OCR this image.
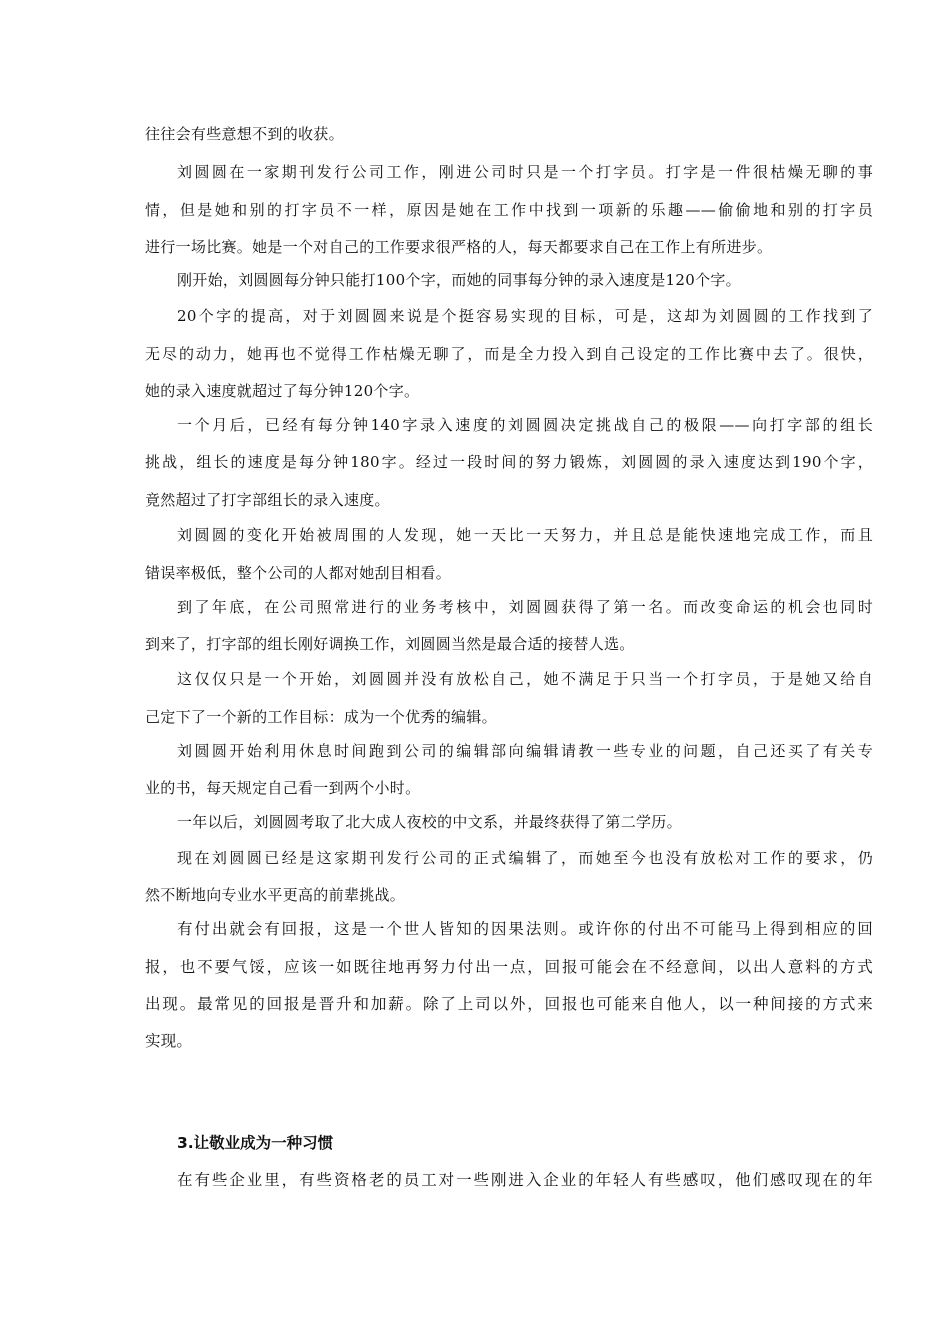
往往会有些意想不到的收获。
刘圆圆在一家期刊发行公司工作，刚进公司时只是一个打字员。打字是一件很枯燥无聊的事
情，但是她和别的打字员不一样，原因是她在工作中找到一项新的乐趣——偷偷地和别的打字员
进行一场比赛。她是一个对自己的工作要求很严格的人，每天都要求自己在工作上有所进步。
刚开始，刘圆圆每分钟只能打100个字，而她的同事每分钟的录入速度是120个字。
20个字的提高，对于刘圆圆来说是个挺容易实现的目标，可是，这却为刘圆圆的工作找到了
无尽的动力，她再也不觉得工作枯燥无聊了，而是全力投入到自己设定的工作比赛中去了。很快，
她的录入速度就超过了每分钟120个字。
一个月后，已经有每分钟140字录入速度的刘圆圆决定挑战自己的极限——向打字部的组长
挑战，组长的速度是每分钟180字。经过一段时间的努力锻炼，刘圆圆的录入速度达到190个字，
竟然超过了打字部组长的录入速度。
刘圆圆的变化开始被周围的人发现，她一天比一天努力，并且总是能快速地完成工作，而且
错误率极低，整个公司的人都对她刮目相看。
到了年底，在公司照常进行的业务考核中，刘圆圆获得了第一名。而改变命运的机会也同时
到来了，打字部的组长刚好调换工作，刘圆圆当然是最合适的接替人选。
这仅仅只是一个开始，刘圆圆并没有放松自己，她不满足于只当一个打字员，于是她又给自
己定下了一个新的工作目标：成为一个优秀的编辑。
刘圆圆开始利用休息时间跑到公司的编辑部向编辑请教一些专业的问题，自己还买了有关专
业的书，每天规定自己看一到两个小时。
一年以后，刘圆圆考取了北大成人夜校的中文系，并最终获得了第二学历。
现在刘圆圆已经是这家期刊发行公司的正式编辑了，而她至今也没有放松对工作的要求，仍
然不断地向专业水平更高的前辈挑战。
有付出就会有回报，这是一个世人皆知的因果法则。或许你的付出不可能马上得到相应的回
报，也不要气馁，应该一如既往地再努力付出一点，回报可能会在不经意间，以出人意料的方式
出现。最常见的回报是晋升和加薪。除了上司以外，回报也可能来自他人，以一种间接的方式来
实现。
3.让敬业成为一种习惯
在有些企业里，有些资格老的员工对一些刚进入企业的年轻人有些感叹，他们感叹现在的年
